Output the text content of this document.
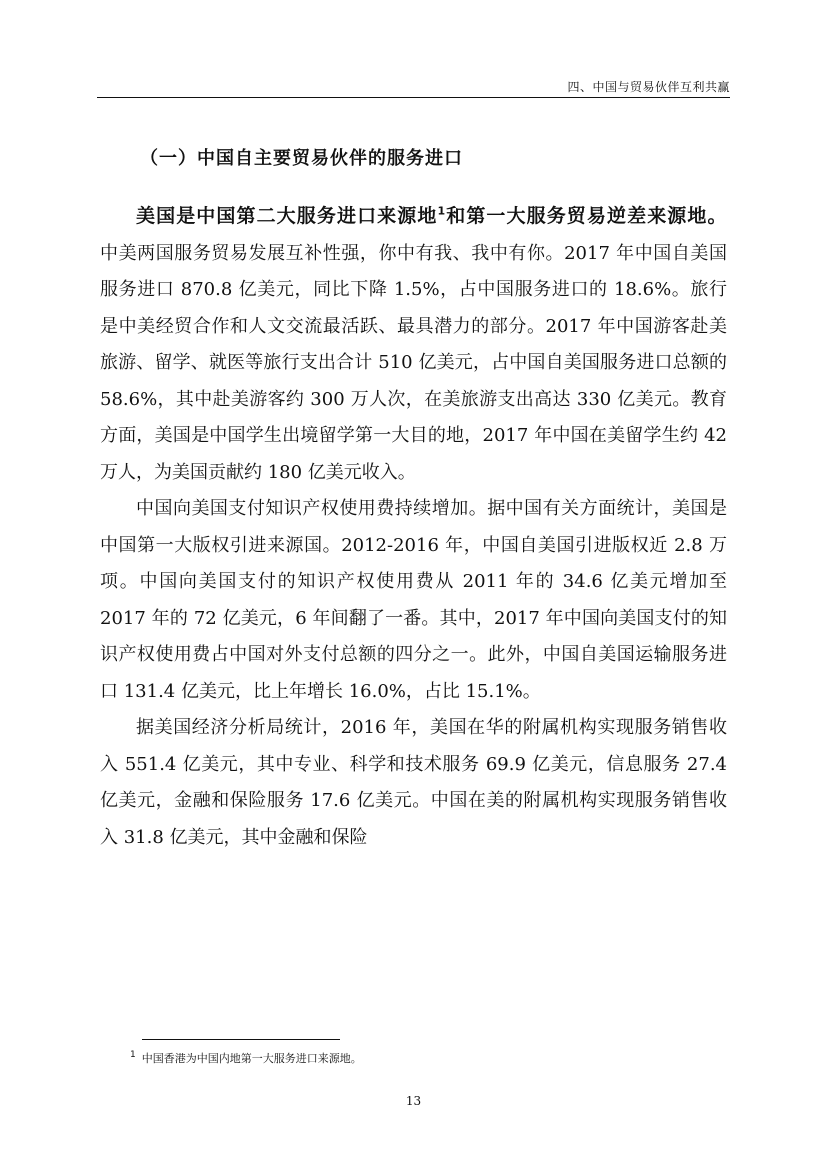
四、中国与贸易伙伴互利共赢
（一）中国自主要贸易伙伴的服务进口

美国是中国第二大服务进口来源地$^1$和第一大服务贸易逆差来源地。中美两国服务贸易发展互补性强，你中有我、我中有你。2017 年中国自美国服务进口 870.8 亿美元，同比下降 1.5%，占中国服务进口的 18.6%。旅行是中美经贸合作和人文交流最活跃、最具潜力的部分。2017 年中国游客赴美旅游、留学、就医等旅行支出合计 510 亿美元，占中国自美国服务进口总额的 58.6%，其中赴美游客约 300 万人次，在美旅游支出高达 330 亿美元。教育方面，美国是中国学生出境留学第一大目的地，2017 年中国在美留学生约 42 万人，为美国贡献约 180 亿美元收入。

中国向美国支付知识产权使用费持续增加。据中国有关方面统计，美国是中国第一大版权引进来源国。2012-2016 年，中国自美国引进版权近 2.8 万项。中国向美国支付的知识产权使用费从 2011 年的 34.6 亿美元增加至 2017 年的 72 亿美元，6 年间翻了一番。其中，2017 年中国向美国支付的知识产权使用费占中国对外支付总额的四分之一。此外，中国自美国运输服务进口 131.4 亿美元，比上年增长 16.0%，占比 15.1%。

据美国经济分析局统计，2016 年，美国在华的附属机构实现服务销售收入 551.4 亿美元，其中专业、科学和技术服务 69.9 亿美元，信息服务 27.4 亿美元，金融和保险服务 17.6 亿美元。中国在美的附属机构实现服务销售收入 31.8 亿美元，其中金融和保险

$^1$ 中国香港为中国内地第一大服务进口来源地。
13
